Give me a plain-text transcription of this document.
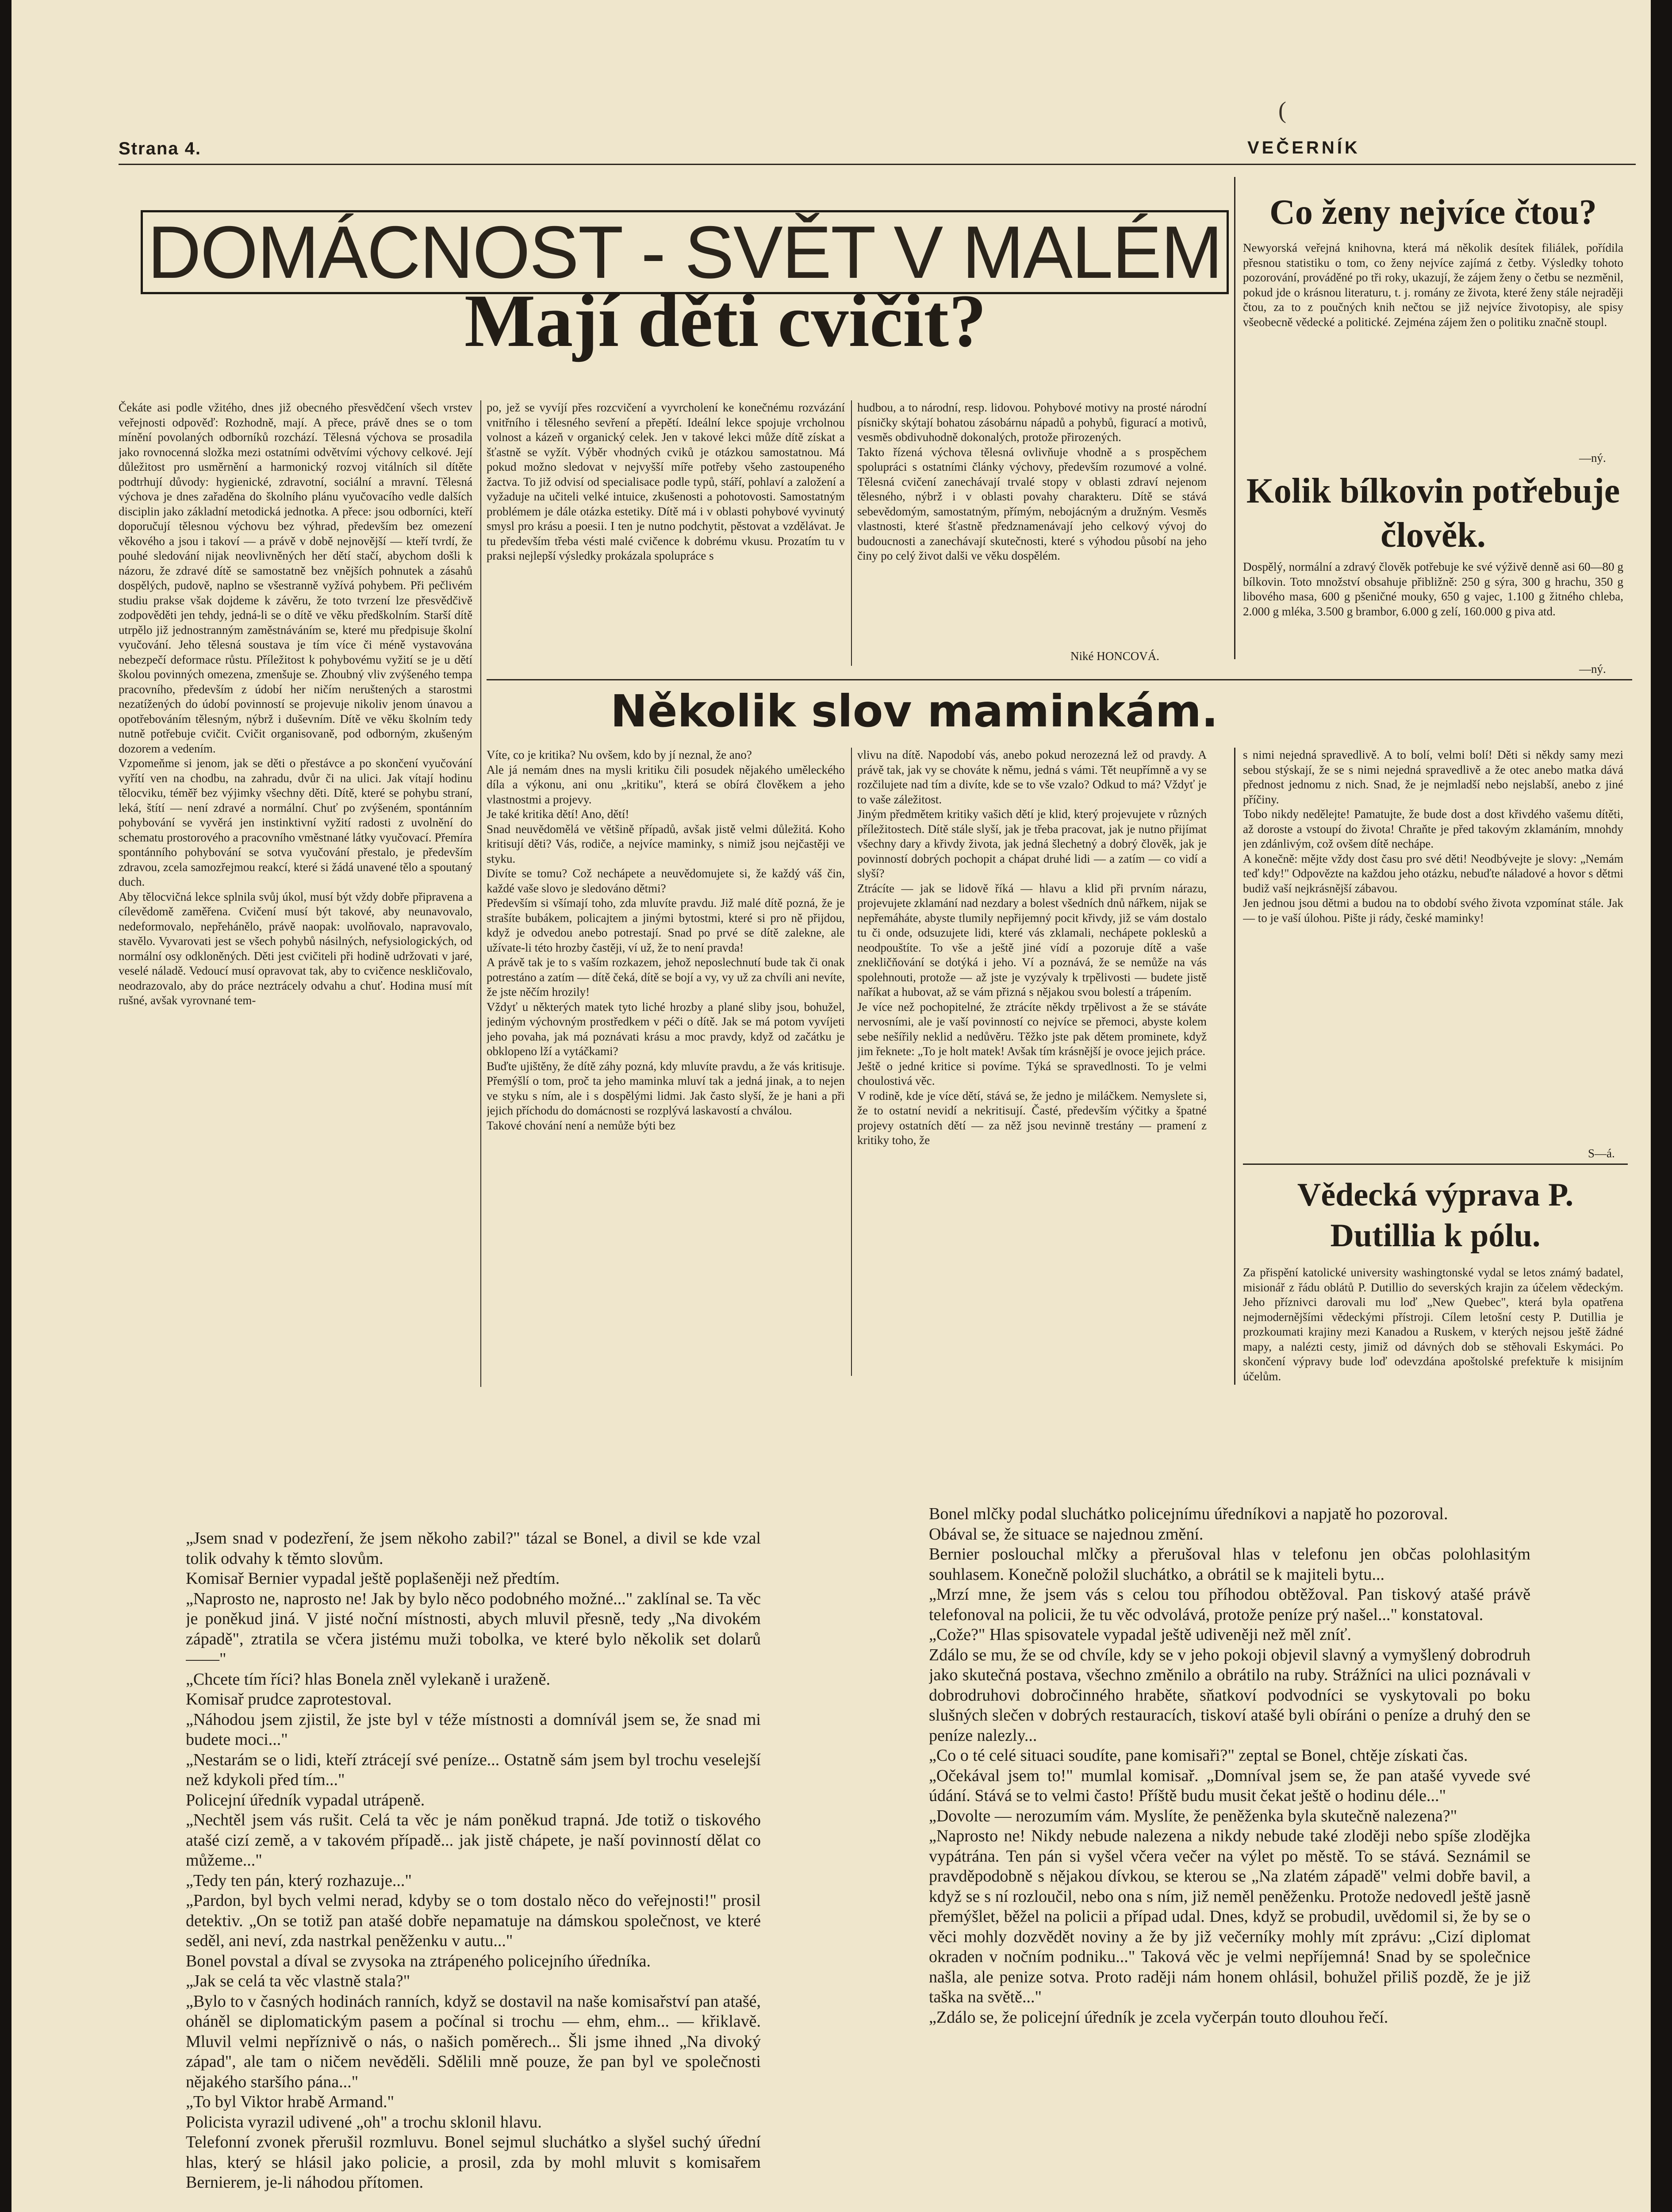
(
Strana 4.	VEČERNÍK
DOMÁCNOST - SVĚT V MALÉM
Mají děti cvičit?
Čekáte asi podle vžitého, dnes již obecného přesvědčení všech vrstev veřejnosti odpověď: Rozhodně, mají. A přece, právě dnes se o tom mínění povolaných odborníků rozchází. Tělesná výchova se prosadila jako rovnocenná složka mezi ostatními odvětvími výchovy celkové. Její důležitost pro usměrnění a harmonický rozvoj vitálních sil dítěte podtrhují důvody: hygienické, zdravotní, sociální a mravní. Tělesná výchova je dnes zařaděna do školního plánu vyučovacího vedle dalších disciplin jako základní metodická jednotka. A přece: jsou odborníci, kteří doporučují tělesnou výchovu bez výhrad, především bez omezení věkového a jsou i takoví — a právě v době nejnovější — kteří tvrdí, že pouhé sledování nijak neovlivněných her dětí stačí, abychom došli k názoru, že zdravé dítě se samostatně bez vnějších pohnutek a zásahů dospělých, pudově, naplno se všestranně vyžívá pohybem. Při pečlivém studiu prakse však dojdeme k závěru, že toto tvrzení lze přesvědčivě zodpověděti jen tehdy, jedná-li se o dítě ve věku předškolním. Starší dítě utrpělo již jednostranným zaměstnáváním se, které mu předpisuje školní vyučování. Jeho tělesná soustava je tím více či méně vystavována nebezpečí deformace růstu. Příležitost k pohybovému vyžití se je u dětí školou povinných omezena, zmenšuje se. Zhoubný vliv zvýšeného tempa pracovního, především z údobí her ničím neruštených a starostmi nezatížených do údobí povinností se projevuje nikoliv jenom únavou a opotřebováním tělesným, nýbrž i duševním. Dítě ve věku školním tedy nutně potřebuje cvičit. Cvičit organisovaně, pod odborným, zkušeným dozorem a vedením.
Vzpomeňme si jenom, jak se děti o přestávce a po skončení vyučování vyřítí ven na chodbu, na zahradu, dvůr či na ulici. Jak vítají hodinu tělocviku, téměř bez výjimky všechny děti. Dítě, které se pohybu straní, leká, štítí — není zdravé a normální. Chuť po zvýšeném, spontánním pohybování se vyvěrá jen instinktivní vyžití radosti z uvolnění do schematu prostorového a pracovního vměstnané látky vyučovací. Přemíra spontánního pohybování se sotva vyučování přestalo, je především zdravou, zcela samozřejmou reakcí, které si žádá unavené tělo a spoutaný duch.
Aby tělocvičná lekce splnila svůj úkol, musí být vždy dobře připravena a cílevědomě zaměřena. Cvičení musí být takové, aby neunavovalo, nedeformovalo, nepřehánělo, právě naopak: uvolňovalo, napravovalo, stavělo. Vyvarovati jest se všech pohybů násilných, nefysiologických, od normální osy odkloněných. Děti jest cvičiteli při hodině udržovati v jaré, veselé náladě. Vedoucí musí opravovat tak, aby to cvičence neskličovalo, neodrazovalo, aby do práce neztrácely odvahu a chuť. Hodina musí mít rušné, avšak vyrovnané tem-
po, jež se vyvíjí přes rozcvičení a vyvrcholení ke konečnému rozvázání vnitřního i tělesného sevření a přepětí. Ideální lekce spojuje vrcholnou volnost a kázeň v organický celek. Jen v takové lekci může dítě získat a šťastně se vyžít. Výběr vhodných cviků je otázkou samostatnou. Má pokud možno sledovat v nejvyšší míře potřeby všeho zastoupeného žactva. To již odvisí od specialisace podle typů, stáří, pohlaví a založení a vyžaduje na učiteli velké intuice, zkušenosti a pohotovosti. Samostatným problémem je dále otázka estetiky. Dítě má i v oblasti pohybové vyvinutý smysl pro krásu a poesii. I ten je nutno podchytit, pěstovat a vzdělávat. Je tu především třeba vésti malé cvičence k dobrému vkusu. Prozatím tu v praksi nejlepší výsledky prokázala spolupráce s
hudbou, a to národní, resp. lidovou. Pohybové motivy na prosté národní písničky skýtají bohatou zásobárnu nápadů a pohybů, figurací a motivů, vesměs obdivuhodně dokonalých, protože přirozených.
Takto řízená výchova tělesná ovlivňuje vhodně a s prospěchem spolupráci s ostatními články výchovy, především rozumové a volné. Tělesná cvičení zanechávají trvalé stopy v oblasti zdraví nejenom tělesného, nýbrž i v oblasti povahy charakteru. Dítě se stává sebevědomým, samostatným, přímým, nebojácným a družným. Vesměs vlastnosti, které šťastně předznamenávají jeho celkový vývoj do budoucnosti a zanechávají skutečnosti, které s výhodou působí na jeho činy po celý život dalši ve věku dospělém.
Niké HONCOVÁ.
Co ženy nejvíce čtou?
Newyorská veřejná knihovna, která má několik desítek filiálek, pořídila přesnou statistiku o tom, co ženy nejvíce zajímá z četby. Výsledky tohoto pozorování, prováděné po tři roky, ukazují, že zájem ženy o četbu se nezměnil, pokud jde o krásnou literaturu, t. j. romány ze života, které ženy stále nejraději čtou, za to z poučných knih nečtou se již nejvíce životopisy, ale spisy všeobecně vědecké a politické. Zejména zájem žen o politiku značně stoupl.
—ný.
Kolik bílkovin potřebuje člověk.
Dospělý, normální a zdravý člověk potřebuje ke své výživě denně asi 60—80 g bílkovin. Toto množství obsahuje přibližně: 250 g sýra, 300 g hrachu, 350 g libového masa, 600 g pšeničné mouky, 650 g vajec, 1.100 g žitného chleba, 2.000 g mléka, 3.500 g brambor, 6.000 g zelí, 160.000 g piva atd.
—ný.
Několik slov maminkám.
Víte, co je kritika? Nu ovšem, kdo by jí neznal, že ano?
Ale já nemám dnes na mysli kritiku čili posudek nějakého uměleckého díla a výkonu, ani onu „kritiku", která se obírá člověkem a jeho vlastnostmi a projevy.
Je také kritika dětí! Ano, dětí!
Snad neuvědomělá ve většině případů, avšak jistě velmi důležitá. Koho kritisují děti? Vás, rodiče, a nejvíce maminky, s nimiž jsou nejčastěji ve styku.
Divíte se tomu? Což nechápete a neuvědomujete si, že každý váš čin, každé vaše slovo je sledováno dětmi?
Především si všímají toho, zda mluvíte pravdu. Již malé dítě pozná, že je strašíte bubákem, policajtem a jinými bytostmi, které si pro ně přijdou, když je odvedou anebo potrestají. Snad po prvé se dítě zalekne, ale užívate-li této hrozby častěji, ví už, že to není pravda!
A právě tak je to s vaším rozkazem, jehož neposlechnutí bude tak či onak potrestáno a zatím — dítě čeká, dítě se bojí a vy, vy už za chvíli ani nevíte, že jste něčím hrozily!
Vždyť u některých matek tyto liché hrozby a plané sliby jsou, bohužel, jediným výchovným prostředkem v péči o dítě. Jak se má potom vyvíjeti jeho povaha, jak má poznávati krásu a moc pravdy, když od začátku je obklopeno lží a vytáčkami?
Buďte ujištěny, že dítě záhy pozná, kdy mluvíte pravdu, a že vás kritisuje. Přemýšlí o tom, proč ta jeho maminka mluví tak a jedná jinak, a to nejen ve styku s ním, ale i s dospělými lidmi. Jak často slyší, že je hani a při jejich příchodu do domácnosti se rozplývá laskavostí a chválou.
Takové chování není a nemůže býti bez
vlivu na dítě. Napodobí vás, anebo pokud nerozezná lež od pravdy. A právě tak, jak vy se chováte k němu, jedná s vámi. Tět neupřímně a vy se rozčilujete nad tím a divíte, kde se to vše vzalo? Odkud to má? Vždyť je to vaše záležitost.
Jiným předmětem kritiky vašich dětí je klid, který projevujete v různých příležitostech. Dítě stále slyší, jak je třeba pracovat, jak je nutno přijímat všechny dary a křivdy života, jak jedná šlechetný a dobrý člověk, jak je povinností dobrých pochopit a chápat druhé lidi — a zatím — co vidí a slyší?
Ztrácíte — jak se lidově říká — hlavu a klid při prvním nárazu, projevujete zklamání nad nezdary a bolest všedních dnů nářkem, nijak se nepřemáháte, abyste tlumily nepřijemný pocit křivdy, již se vám dostalo tu či onde, odsuzujete lidi, které vás zklamali, nechápete poklesků a neodpouštíte. To vše a ještě jiné vídí a pozoruje dítě a vaše znekličňování se dotýká i jeho. Ví a poznává, že se nemůže na vás spolehnouti, protože — až jste je vyzývaly k trpělivosti — budete jistě naříkat a hubovat, až se vám přizná s nějakou svou bolestí a trápením.
Je více než pochopitelné, že ztrácíte někdy trpělivost a že se stáváte nervosními, ale je vaší povinností co nejvíce se přemoci, abyste kolem sebe nešířily neklid a nedůvěru. Těžko jste pak dětem prominete, když jim řeknete: „To je holt matek! Avšak tím krásnější je ovoce jejich práce.
Ještě o jedné kritice si povíme. Týká se spravedlnosti. To je velmi choulostivá věc.
V rodině, kde je více dětí, stává se, že jedno je miláčkem. Nemyslete si, že to ostatní nevidí a nekritisují. Časté, především výčitky a špatné projevy ostatních dětí — za něž jsou nevinně trestány — pramení z kritiky toho, že
s nimi nejedná spravedlivě. A to bolí, velmi bolí! Děti si někdy samy mezi sebou stýskají, že se s nimi nejedná spravedlivě a že otec anebo matka dává přednost jednomu z nich. Snad, že je nejmladší nebo nejslabší, anebo z jiné příčiny.
Tobo nikdy nedělejte! Pamatujte, že bude dost a dost křivdého vašemu dítěti, až doroste a vstoupí do života! Chraňte je před takovým zklamáním, mnohdy jen zdánlivým, což ovšem dítě nechápe.
A konečně: mějte vždy dost času pro své děti! Neodbývejte je slovy: „Nemám teď kdy!" Odpovězte na každou jeho otázku, nebuďte náladové a hovor s dětmi budiž vaší nejkrásnější zábavou.
Jen jednou jsou dětmi a budou na to období svého života vzpomínat stále. Jak — to je vaší úlohou. Pište ji rády, české maminky!
S—á.
Vědecká výprava P. Dutillia k pólu.
Za přispění katolické university washingtonské vydal se letos známý badatel, misionář z řádu oblátů P. Dutillio do severských krajin za účelem vědeckým. Jeho příznivci darovali mu loď „New Quebec", která byla opatřena nejmodernějšími vědeckými přístroji. Cílem letošní cesty P. Dutillia je prozkoumati krajiny mezi Kanadou a Ruskem, v kterých nejsou ještě žádné mapy, a nalézti cesty, jimiž od dávných dob se stěhovali Eskymáci. Po skončení výpravy bude loď odevzdána apoštolské prefektuře k misijním účelům.
„Jsem snad v podezření, že jsem někoho zabil?" tázal se Bonel, a divil se kde vzal tolik odvahy k těmto slovům.
Komisař Bernier vypadal ještě poplašeněji než předtím.
„Naprosto ne, naprosto ne! Jak by bylo něco podobného možné..." zaklínal se. Ta věc je poněkud jiná. V jisté noční místnosti, abych mluvil přesně, tedy „Na divokém západě", ztratila se včera jistému muži tobolka, ve které bylo několik set dolarů ——"
„Chcete tím říci? hlas Bonela zněl vylekaně i uraženě.
Komisař prudce zaprotestoval.
„Náhodou jsem zjistil, že jste byl v téže místnosti a domnívál jsem se, že snad mi budete moci..."
„Nestarám se o lidi, kteří ztrácejí své peníze... Ostatně sám jsem byl trochu veselejší než kdykoli před tím..."
Policejní úředník vypadal utrápeně.
„Nechtěl jsem vás rušit. Celá ta věc je nám poněkud trapná. Jde totiž o tiskového atašé cizí země, a v takovém případě... jak jistě chápete, je naší povinností dělat co můžeme..."
„Tedy ten pán, který rozhazuje..."
„Pardon, byl bych velmi nerad, kdyby se o tom dostalo něco do veřejnosti!" prosil detektiv. „On se totiž pan atašé dobře nepamatuje na dámskou společnost, ve které seděl, ani neví, zda nastrkal peněženku v autu..."
Bonel povstal a díval se zvysoka na ztrápeného policejního úředníka.
„Jak se celá ta věc vlastně stala?"
„Bylo to v časných hodinách ranních, když se dostavil na naše komisařství pan atašé, oháněl se diplomatickým pasem a počínal si trochu — ehm, ehm... — křiklavě. Mluvil velmi nepříznivě o nás, o našich poměrech... Šli jsme ihned „Na divoký západ", ale tam o ničem nevěděli. Sdělili mně pouze, že pan byl ve společnosti nějakého staršího pána..."
„To byl Viktor hrabě Armand."
Policista vyrazil udivené „oh" a trochu sklonil hlavu.
Telefonní zvonek přerušil rozmluvu. Bonel sejmul sluchátko a slyšel suchý úřední hlas, který se hlásil jako policie, a prosil, zda by mohl mluvit s komisařem Bernierem, je-li náhodou přítomen.
Bonel mlčky podal sluchátko policejnímu úředníkovi a napjatě ho pozoroval.
Obával se, že situace se najednou změní.
Bernier poslouchal mlčky a přerušoval hlas v telefonu jen občas polohlasitým souhlasem. Konečně položil sluchátko, a obrátil se k majiteli bytu...
„Mrzí mne, že jsem vás s celou tou příhodou obtěžoval. Pan tiskový atašé právě telefonoval na policii, že tu věc odvolává, protože peníze prý našel..." konstatoval.
„Cože?" Hlas spisovatele vypadal ještě udiveněji než měl zníť.
Zdálo se mu, že se od chvíle, kdy se v jeho pokoji objevil slavný a vymyšlený dobrodruh jako skutečná postava, všechno změnilo a obrátilo na ruby. Strážníci na ulici poznávali v dobrodruhovi dobročinného hraběte, sňatkoví podvodníci se vyskytovali po boku slušných slečen v dobrých restauracích, tiskoví atašé byli obíráni o peníze a druhý den se peníze nalezly...
„Co o té celé situaci soudíte, pane komisaři?" zeptal se Bonel, chtěje získati čas.
„Očekával jsem to!" mumlal komisař. „Domníval jsem se, že pan atašé vyvede své údání. Stává se to velmi často! Příště budu musit čekat ještě o hodinu déle..."
„Dovolte — nerozumím vám. Myslíte, že peněženka byla skutečně nalezena?"
„Naprosto ne! Nikdy nebude nalezena a nikdy nebude také zloději nebo spíše zlodějka vypátrána. Ten pán si vyšel včera večer na výlet po městě. To se stává. Seznámil se pravděpodobně s nějakou dívkou, se kterou se „Na zlatém západě" velmi dobře bavil, a když se s ní rozloučil, nebo ona s ním, již neměl peněženku. Protože nedovedl ještě jasně přemýšlet, běžel na policii a případ udal. Dnes, když se probudil, uvědomil si, že by se o věci mohly dozvědět noviny a že by již večerníky mohly mít zprávu: „Cizí diplomat okraden v nočním podniku..." Taková věc je velmi nepříjemná! Snad by se společnice našla, ale penize sotva. Proto raději nám honem ohlásil, bohužel přiliš pozdě, že je již taška na světě..."
„Zdálo se, že policejní úředník je zcela vyčerpán touto dlouhou řečí.
